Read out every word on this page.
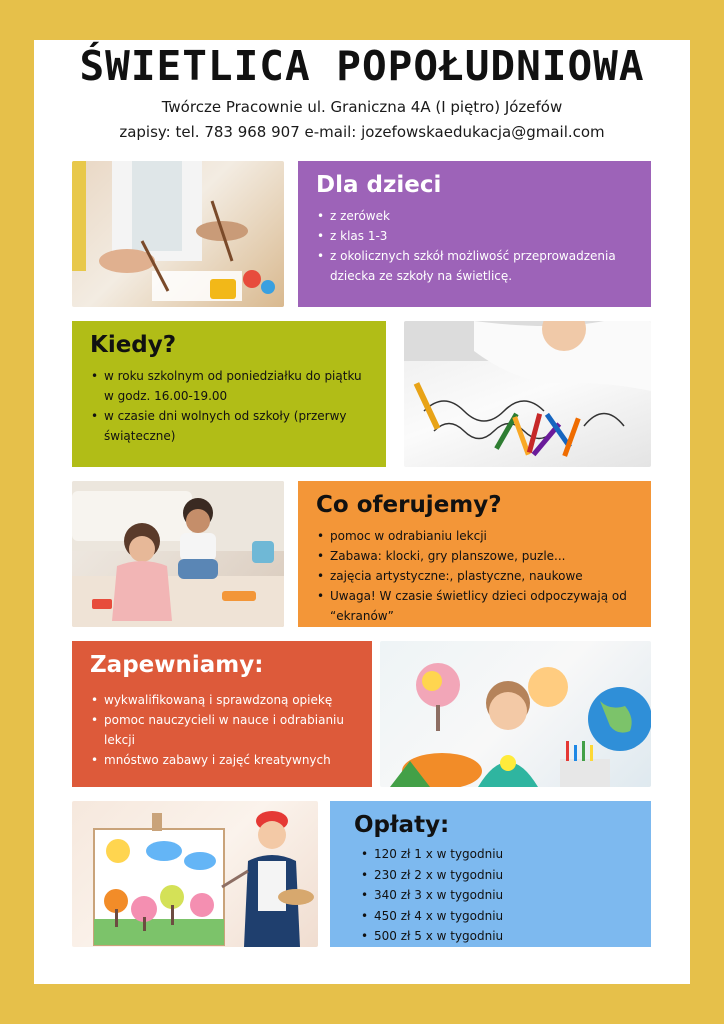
ŚWIETLICA POPOŁUDNIOWA
Twórcze Pracownie ul. Graniczna 4A (I piętro) Józefów
zapisy: tel. 783 968 907 e-mail: jozefowskaedukacja@gmail.com
Dla dzieci
• z zerówek
• z klas 1-3
• z okolicznych szkół możliwość przeprowadzenia dziecka ze szkoły na świetlicę.
Kiedy?
• w roku szkolnym od poniedziałku do piątku w godz. 16.00-19.00
• w czasie dni wolnych od szkoły (przerwy świąteczne)
Co oferujemy?
• pomoc w odrabianiu lekcji
• Zabawa: klocki, gry planszowe, puzle...
• zajęcia artystyczne:, plastyczne, naukowe
• Uwaga! W czasie świetlicy dzieci odpoczywają od “ekranów”
Zapewniamy:
• wykwalifikowaną i sprawdzoną opiekę
• pomoc nauczycieli w nauce i odrabianiu lekcji
• mnóstwo zabawy i zajęć kreatywnych
Opłaty:
• 120 zł 1 x w tygodniu
• 230 zł 2 x w tygodniu
• 340 zł 3 x w tygodniu
• 450 zł 4 x w tygodniu
• 500 zł 5 x w tygodniu
